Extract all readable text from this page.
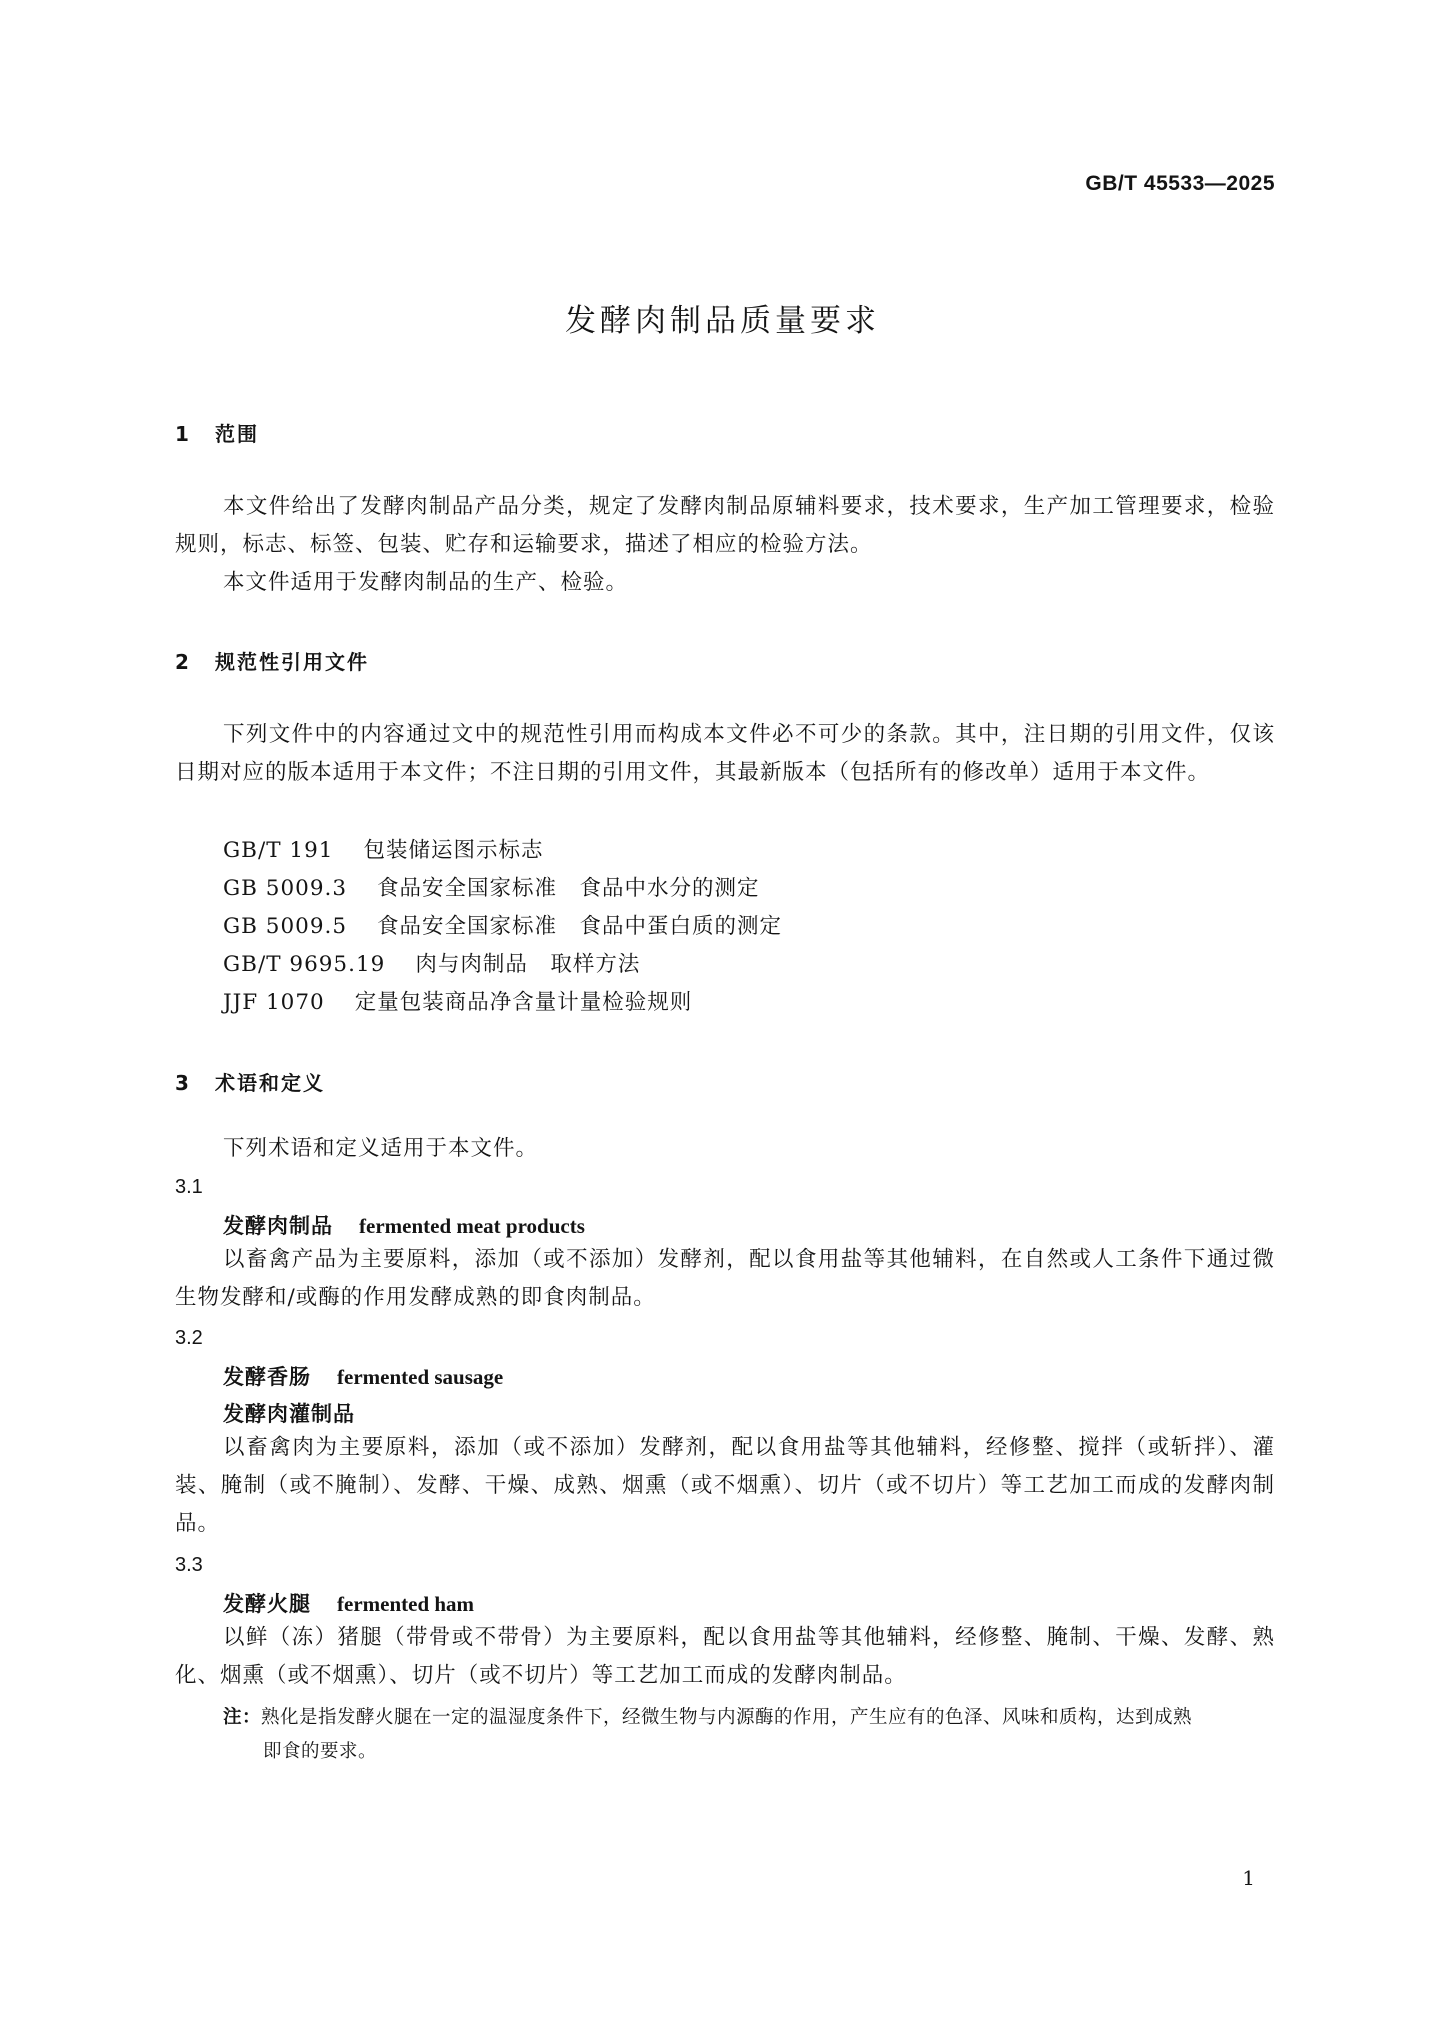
GB/T 45533—2025
发酵肉制品质量要求
1 范围
本文件给出了发酵肉制品产品分类，规定了发酵肉制品原辅料要求，技术要求，生产加工管理要求，检验规则，标志、标签、包装、贮存和运输要求，描述了相应的检验方法。
本文件适用于发酵肉制品的生产、检验。
2 规范性引用文件
下列文件中的内容通过文中的规范性引用而构成本文件必不可少的条款。其中，注日期的引用文件，仅该日期对应的版本适用于本文件；不注日期的引用文件，其最新版本（包括所有的修改单）适用于本文件。
GB/T 191 包装储运图示标志
GB 5009.3 食品安全国家标准　食品中水分的测定
GB 5009.5 食品安全国家标准　食品中蛋白质的测定
GB/T 9695.19 肉与肉制品　取样方法
JJF 1070 定量包装商品净含量计量检验规则
3 术语和定义
下列术语和定义适用于本文件。
3.1
发酵肉制品 fermented meat products
以畜禽产品为主要原料，添加（或不添加）发酵剂，配以食用盐等其他辅料，在自然或人工条件下通过微生物发酵和/或酶的作用发酵成熟的即食肉制品。
3.2
发酵香肠 fermented sausage
发酵肉灌制品
以畜禽肉为主要原料，添加（或不添加）发酵剂，配以食用盐等其他辅料，经修整、搅拌（或斩拌）、灌装、腌制（或不腌制）、发酵、干燥、成熟、烟熏（或不烟熏）、切片（或不切片）等工艺加工而成的发酵肉制品。
3.3
发酵火腿 fermented ham
以鲜（冻）猪腿（带骨或不带骨）为主要原料，配以食用盐等其他辅料，经修整、腌制、干燥、发酵、熟化、烟熏（或不烟熏）、切片（或不切片）等工艺加工而成的发酵肉制品。
注：熟化是指发酵火腿在一定的温湿度条件下，经微生物与内源酶的作用，产生应有的色泽、风味和质构，达到成熟
即食的要求。
1
